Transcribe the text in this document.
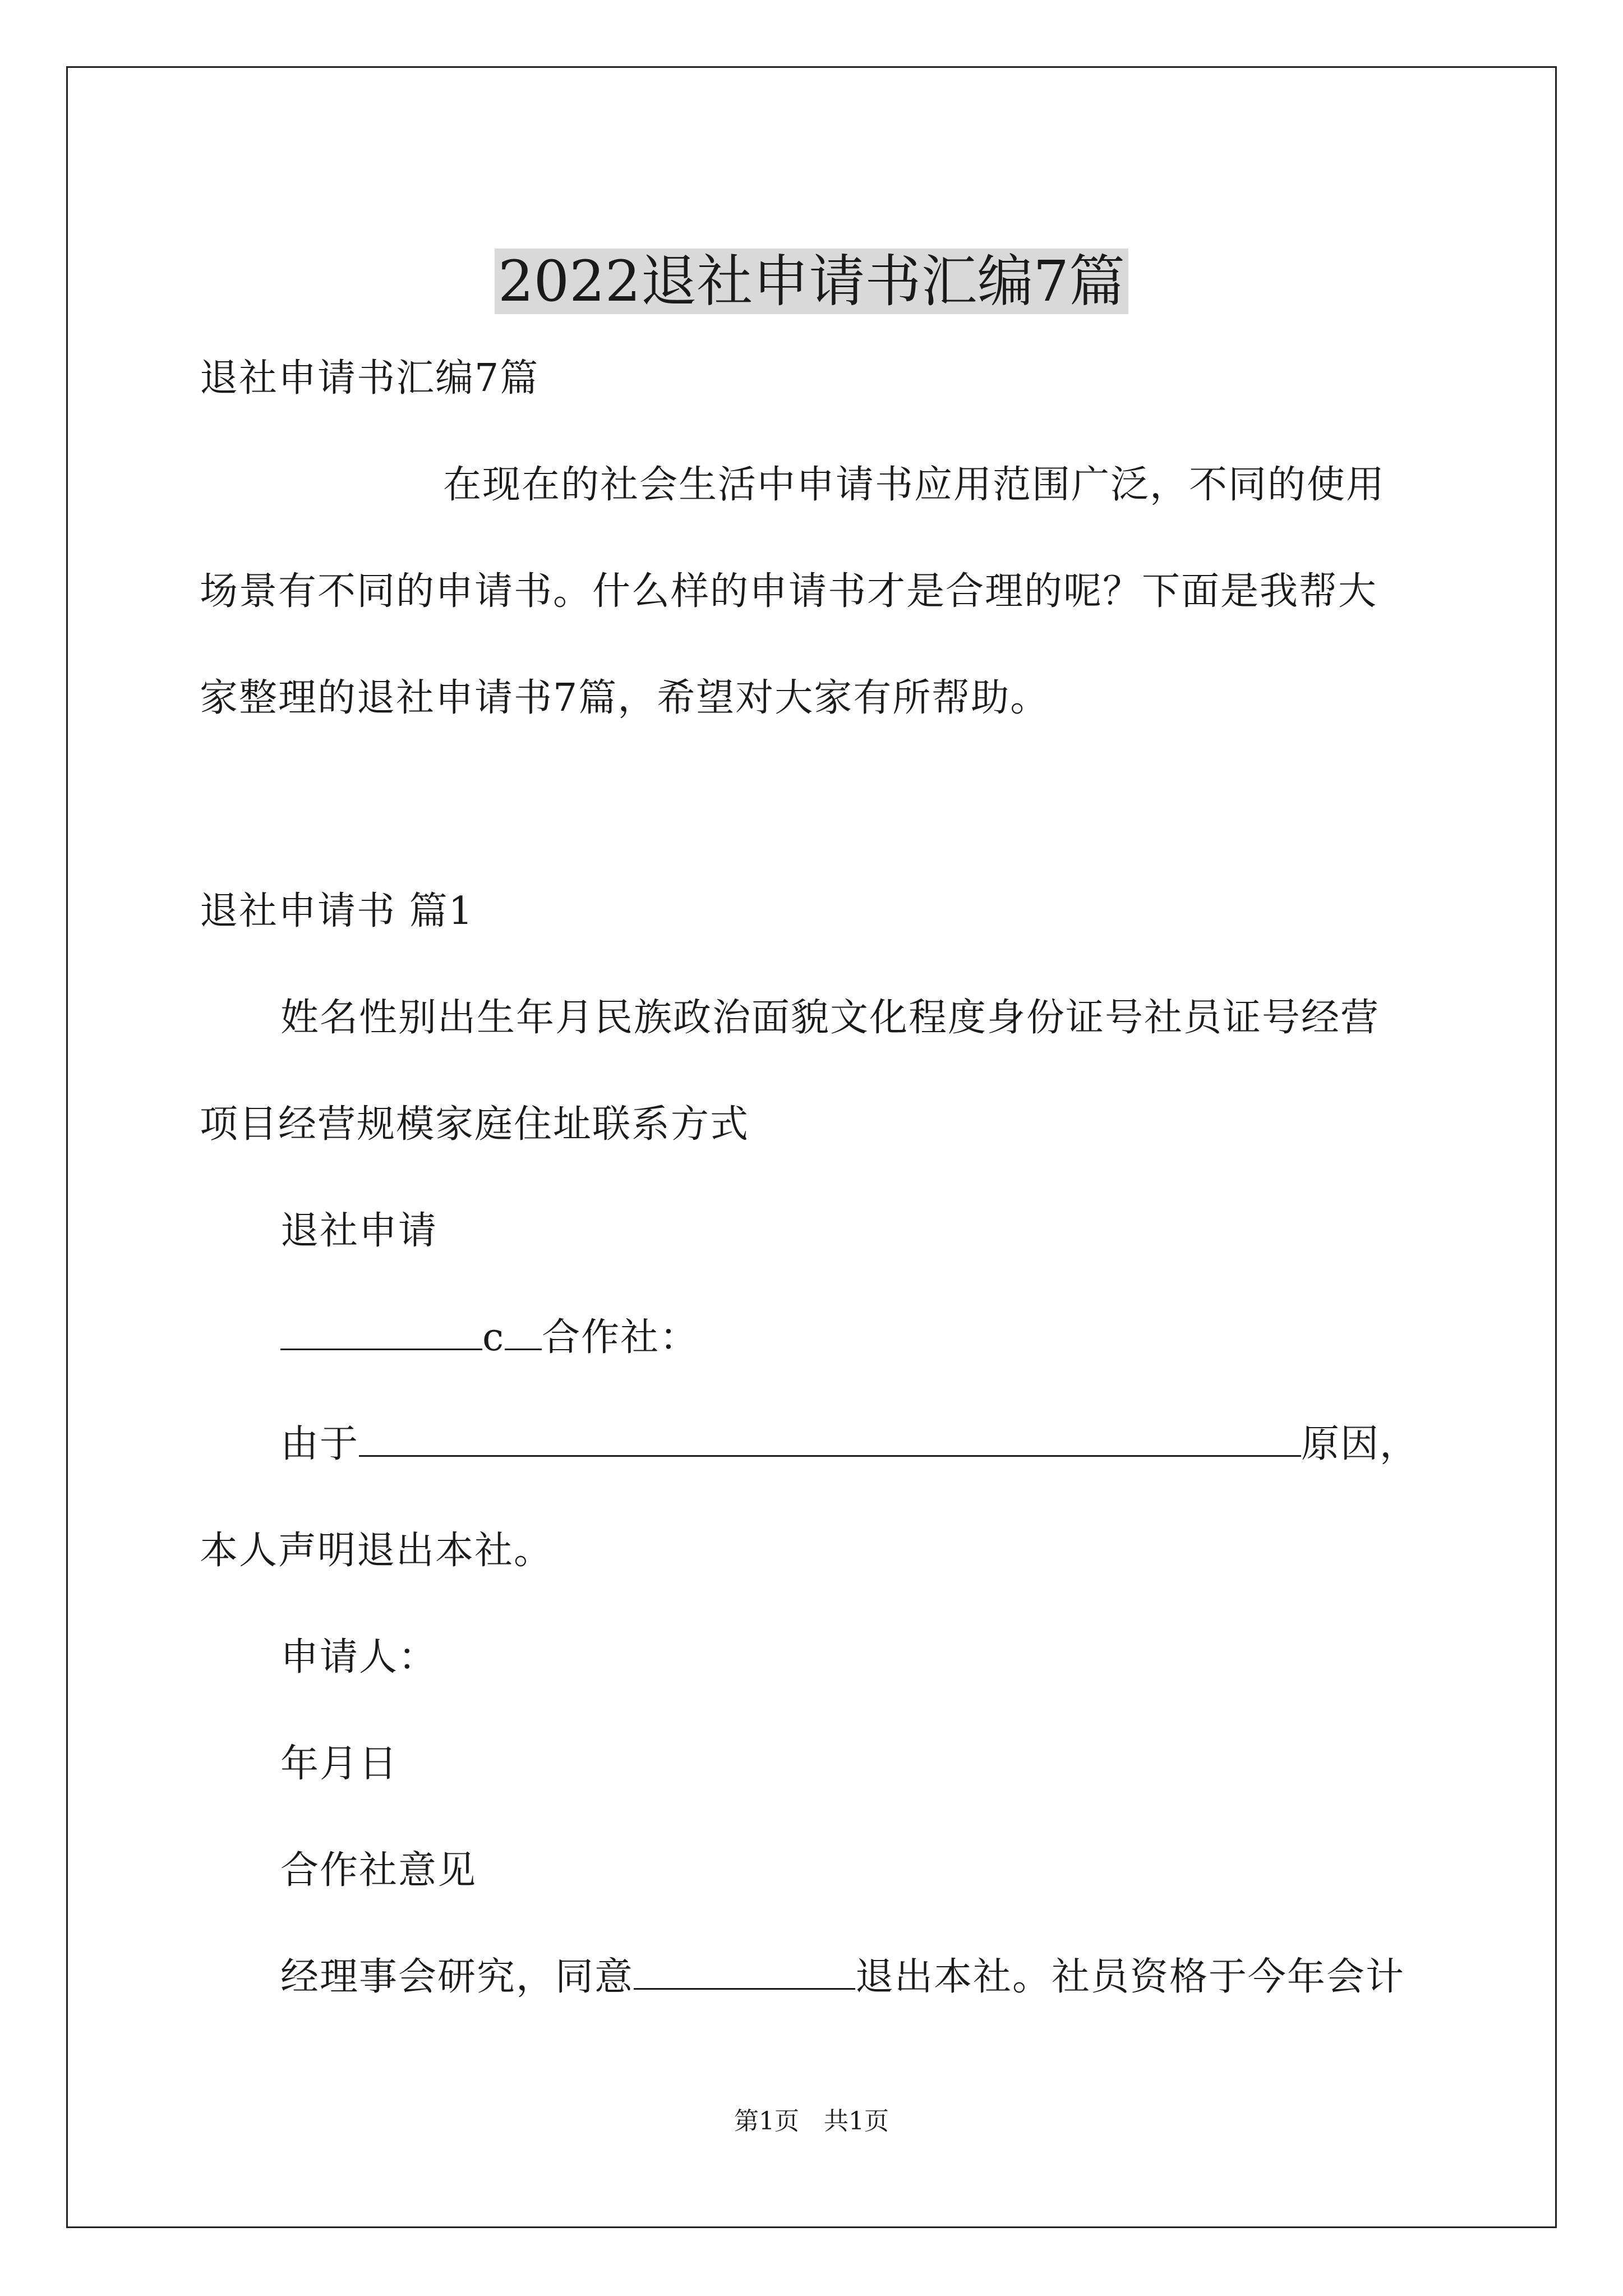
2022退社申请书汇编7篇
退社申请书汇编7篇
在现在的社会生活中申请书应用范围广泛，不同的使用
场景有不同的申请书。什么样的申请书才是合理的呢？下面是我帮大
家整理的退社申请书7篇，希望对大家有所帮助。
退社申请书 篇1
姓名性别出生年月民族政治面貌文化程度身份证号社员证号经营
项目经营规模家庭住址联系方式
退社申请
c 合作社：
由于	原因，
本人声明退出本社。
申请人：
年月日
合作社意见
经理事会研究，同意	退出本社。社员资格于今年会计
第1页　共1页
